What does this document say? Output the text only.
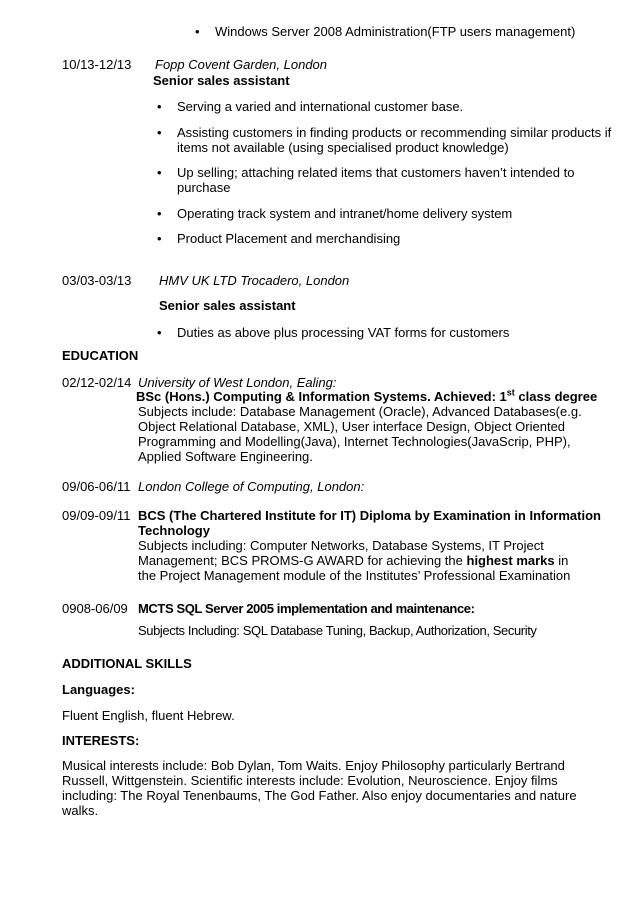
• Windows Server 2008 Administration(FTP users management)
10/13-12/13 Fopp Covent Garden, London
Senior sales assistant
• Serving a varied and international customer base.
• Assisting customers in finding products or recommending similar products if items not available (using specialised product knowledge)
• Up selling; attaching related items that customers haven’t intended to purchase
• Operating track system and intranet/home delivery system
• Product Placement and merchandising
03/03-03/13 HMV UK LTD Trocadero, London
Senior sales assistant
• Duties as above plus processing VAT forms for customers
EDUCATION
02/12-02/14 University of West London, Ealing:
BSc (Hons.) Computing & Information Systems. Achieved: 1st class degree
Subjects include: Database Management (Oracle), Advanced Databases(e.g. Object Relational Database, XML), User interface Design, Object Oriented Programming and Modelling(Java), Internet Technologies(JavaScrip, PHP), Applied Software Engineering.
09/06-06/11 London College of Computing, London:
09/09-09/11 BCS (The Chartered Institute for IT) Diploma by Examination in Information Technology
Subjects including: Computer Networks, Database Systems, IT Project Management; BCS PROMS-G AWARD for achieving the highest marks in the Project Management module of the Institutes’ Professional Examination
0908-06/09 MCTS SQL Server 2005 implementation and maintenance:
Subjects Including: SQL Database Tuning, Backup, Authorization, Security
ADDITIONAL SKILLS
Languages:
Fluent English, fluent Hebrew.
INTERESTS:
Musical interests include: Bob Dylan, Tom Waits. Enjoy Philosophy particularly Bertrand Russell, Wittgenstein. Scientific interests include: Evolution, Neuroscience. Enjoy films including: The Royal Tenenbaums, The God Father. Also enjoy documentaries and nature walks.
